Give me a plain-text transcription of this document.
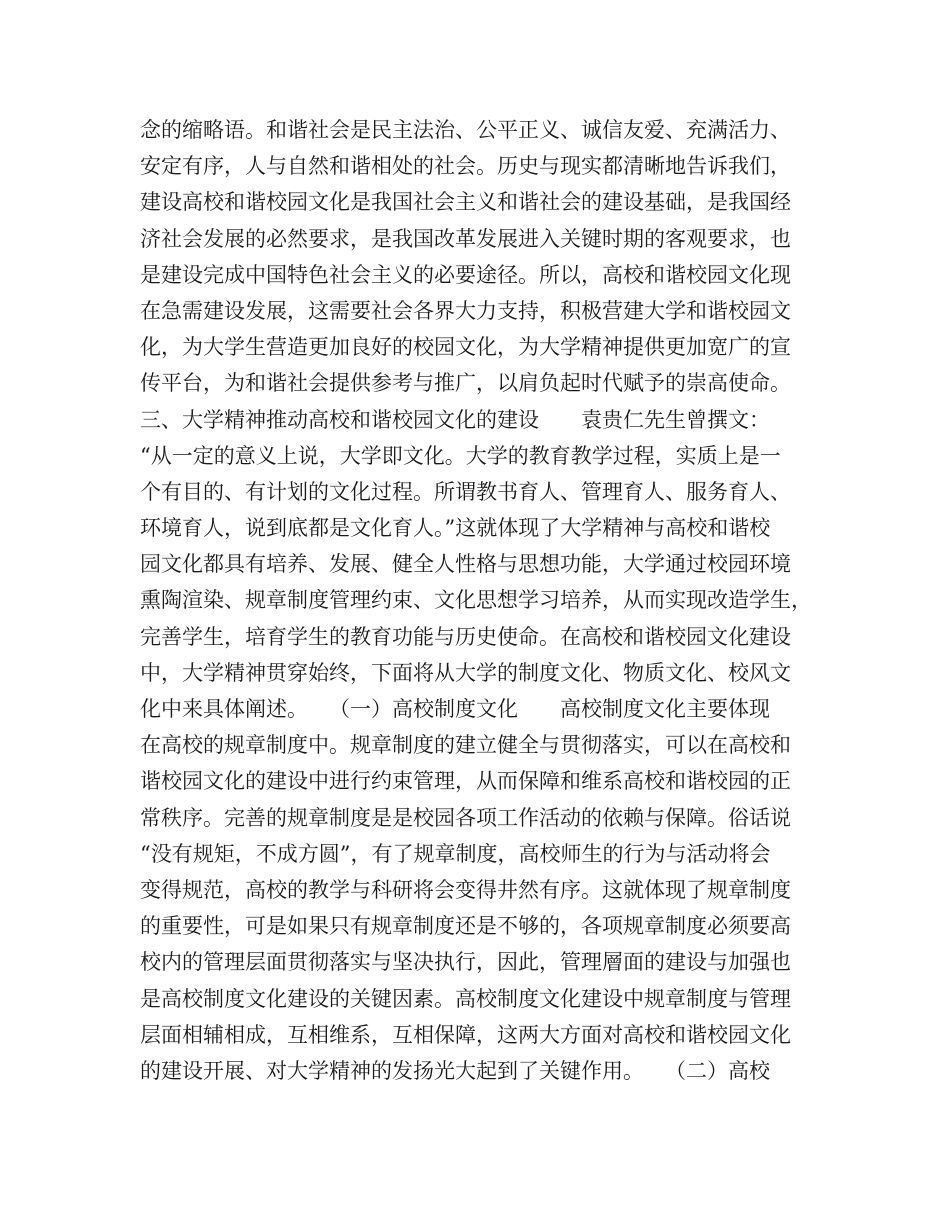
念的缩略语。和谐社会是民主法治、公平正义、诚信友爱、充满活力、
安定有序，人与自然和谐相处的社会。历史与现实都清晰地告诉我们，
建设高校和谐校园文化是我国社会主义和谐社会的建设基础，是我国经
济社会发展的必然要求，是我国改革发展进入关键时期的客观要求，也
是建设完成中国特色社会主义的必要途径。所以，高校和谐校园文化现
在急需建设发展，这需要社会各界大力支持，积极营建大学和谐校园文
化，为大学生营造更加良好的校园文化，为大学精神提供更加宽广的宣
传平台，为和谐社会提供参考与推广，以肩负起时代赋予的崇高使命。
三、大学精神推动高校和谐校园文化的建设　　袁贵仁先生曾撰文：
“从一定的意义上说，大学即文化。大学的教育教学过程，实质上是一
个有目的、有计划的文化过程。所谓教书育人、管理育人、服务育人、
环境育人，说到底都是文化育人。”这就体现了大学精神与高校和谐校
园文化都具有培养、发展、健全人性格与思想功能，大学通过校园环境
熏陶渲染、规章制度管理约束、文化思想学习培养，从而实现改造学生，
完善学生，培育学生的教育功能与历史使命。在高校和谐校园文化建设
中，大学精神贯穿始终，下面将从大学的制度文化、物质文化、校风文
化中来具体阐述。　　（一）高校制度文化　　高校制度文化主要体现
在高校的规章制度中。规章制度的建立健全与贯彻落实，可以在高校和
谐校园文化的建设中进行约束管理，从而保障和维系高校和谐校园的正
常秩序。完善的规章制度是是校园各项工作活动的依赖与保障。俗话说
“没有规矩，不成方圆”，有了规章制度，高校师生的行为与活动将会
变得规范，高校的教学与科研将会变得井然有序。这就体现了规章制度
的重要性，可是如果只有规章制度还是不够的，各项规章制度必须要高
校内的管理层面贯彻落实与坚决执行，因此，管理層面的建设与加强也
是高校制度文化建设的关键因素。高校制度文化建设中规章制度与管理
层面相辅相成，互相维系，互相保障，这两大方面对高校和谐校园文化
的建设开展、对大学精神的发扬光大起到了关键作用。　　（二）高校
